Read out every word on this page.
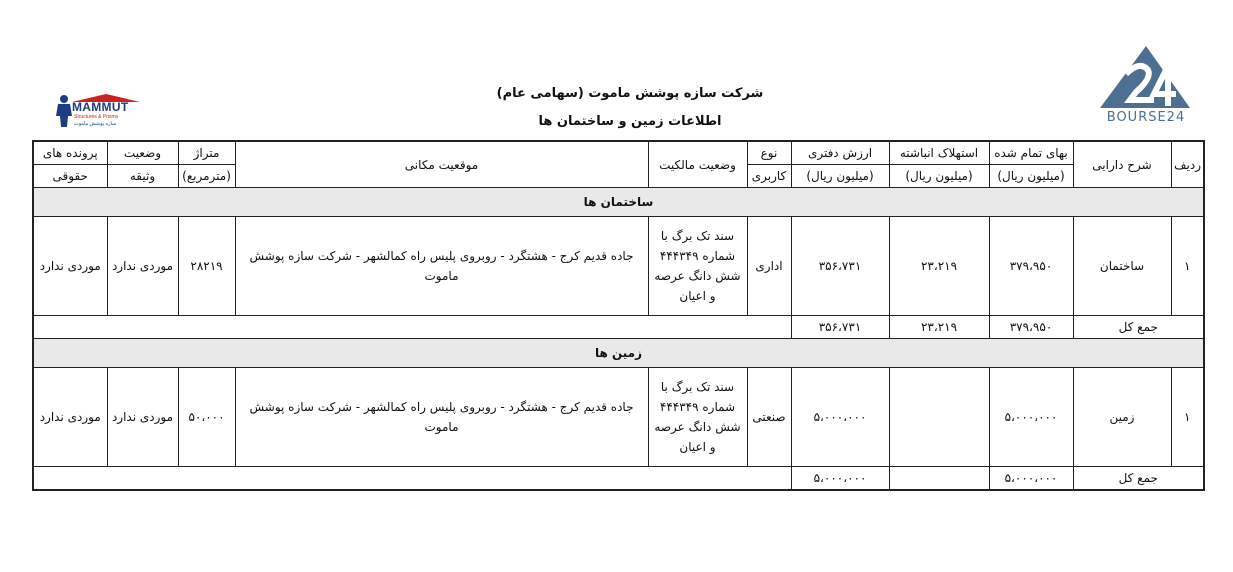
BOURSE24
MAMMUT
Structures & Prisms
سازه پوشش ماموت
شرکت سازه پوشش ماموت (سهامی عام)
اطلاعات زمین و ساختمان ها
ردیف	شرح دارایی	بهای تمام شده	استهلاک انباشته	ارزش دفتری	نوع	وضعیت مالکیت	موقعیت مکانی	متراژ	وضعیت	پرونده های
		(میلیون ریال)	(میلیون ریال)	(میلیون ریال)	کاربری			(مترمربع)	وثیقه	حقوقی
ساختمان ها										
۱	ساختمان	۳۷۹،۹۵۰	۲۳،۲۱۹	۳۵۶،۷۳۱	اداری	سند تک برگ با شماره ۴۴۴۳۴۹ شش دانگ عرصه و اعیان	جاده قدیم کرج - هشتگرد - روبروی پلیس راه کمالشهر - شرکت سازه پوشش ماموت	۲۸۲۱۹	موردی ندارد	موردی ندارد
جمع کل		۳۷۹،۹۵۰	۲۳،۲۱۹	۳۵۶،۷۳۱						
زمین ها										
۱	زمین	۵،۰۰۰،۰۰۰		۵،۰۰۰،۰۰۰	صنعتی	سند تک برگ با شماره ۴۴۴۳۴۹ شش دانگ عرصه و اعیان	جاده قدیم کرج - هشتگرد - روبروی پلیس راه کمالشهر - شرکت سازه پوشش ماموت	۵۰،۰۰۰	موردی ندارد	موردی ندارد
جمع کل		۵،۰۰۰،۰۰۰		۵،۰۰۰،۰۰۰						
